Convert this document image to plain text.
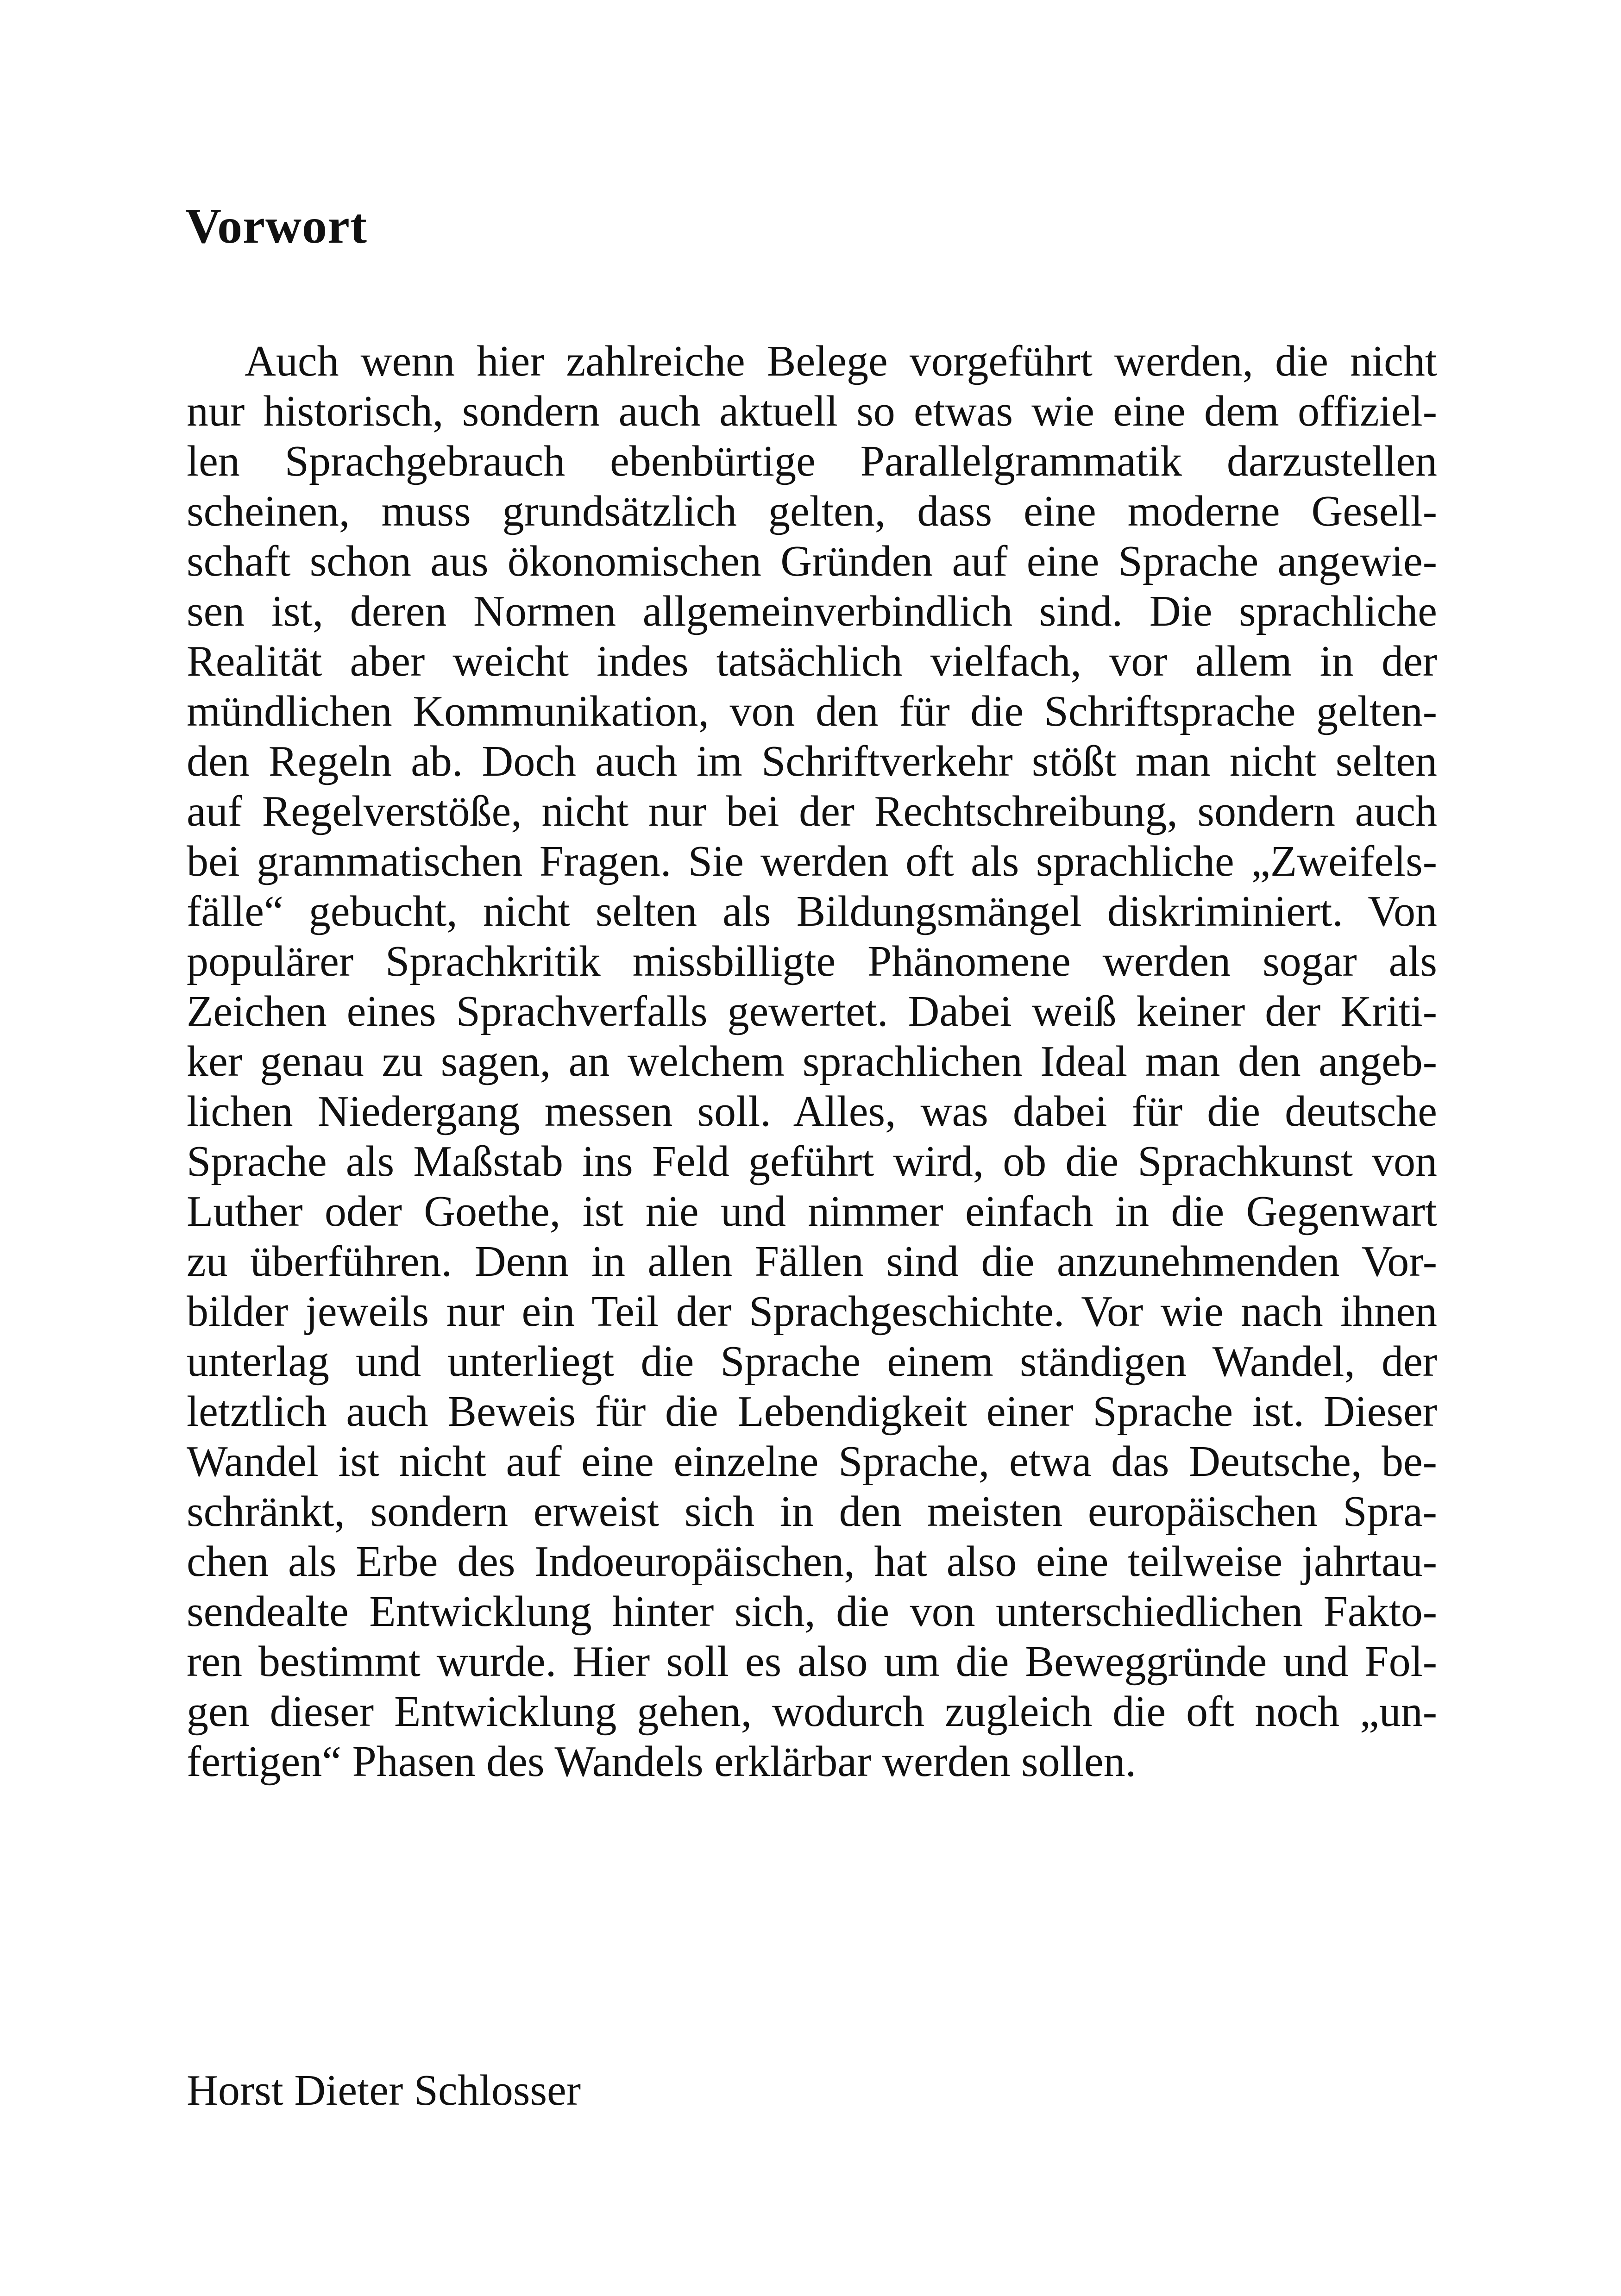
Vorwort
Auch wenn hier zahlreiche Belege vorgeführt werden, die nicht
nur historisch, sondern auch aktuell so etwas wie eine dem offiziel-
len Sprachgebrauch ebenbürtige Parallelgrammatik darzustellen
scheinen, muss grundsätzlich gelten, dass eine moderne Gesell-
schaft schon aus ökonomischen Gründen auf eine Sprache angewie-
sen ist, deren Normen allgemeinverbindlich sind. Die sprachliche
Realität aber weicht indes tatsächlich vielfach, vor allem in der
mündlichen Kommunikation, von den für die Schriftsprache gelten-
den Regeln ab. Doch auch im Schriftverkehr stößt man nicht selten
auf Regelverstöße, nicht nur bei der Rechtschreibung, sondern auch
bei grammatischen Fragen. Sie werden oft als sprachliche „Zweifels-
fälle“ gebucht, nicht selten als Bildungsmängel diskriminiert. Von
populärer Sprachkritik missbilligte Phänomene werden sogar als
Zeichen eines Sprachverfalls gewertet. Dabei weiß keiner der Kriti-
ker genau zu sagen, an welchem sprachlichen Ideal man den angeb-
lichen Niedergang messen soll. Alles, was dabei für die deutsche
Sprache als Maßstab ins Feld geführt wird, ob die Sprachkunst von
Luther oder Goethe, ist nie und nimmer einfach in die Gegenwart
zu überführen. Denn in allen Fällen sind die anzunehmenden Vor-
bilder jeweils nur ein Teil der Sprachgeschichte. Vor wie nach ihnen
unterlag und unterliegt die Sprache einem ständigen Wandel, der
letztlich auch Beweis für die Lebendigkeit einer Sprache ist. Dieser
Wandel ist nicht auf eine einzelne Sprache, etwa das Deutsche, be-
schränkt, sondern erweist sich in den meisten europäischen Spra-
chen als Erbe des Indoeuropäischen, hat also eine teilweise jahrtau-
sendealte Entwicklung hinter sich, die von unterschiedlichen Fakto-
ren bestimmt wurde. Hier soll es also um die Beweggründe und Fol-
gen dieser Entwicklung gehen, wodurch zugleich die oft noch „un-
fertigen“ Phasen des Wandels erklärbar werden sollen.

Horst Dieter Schlosser
